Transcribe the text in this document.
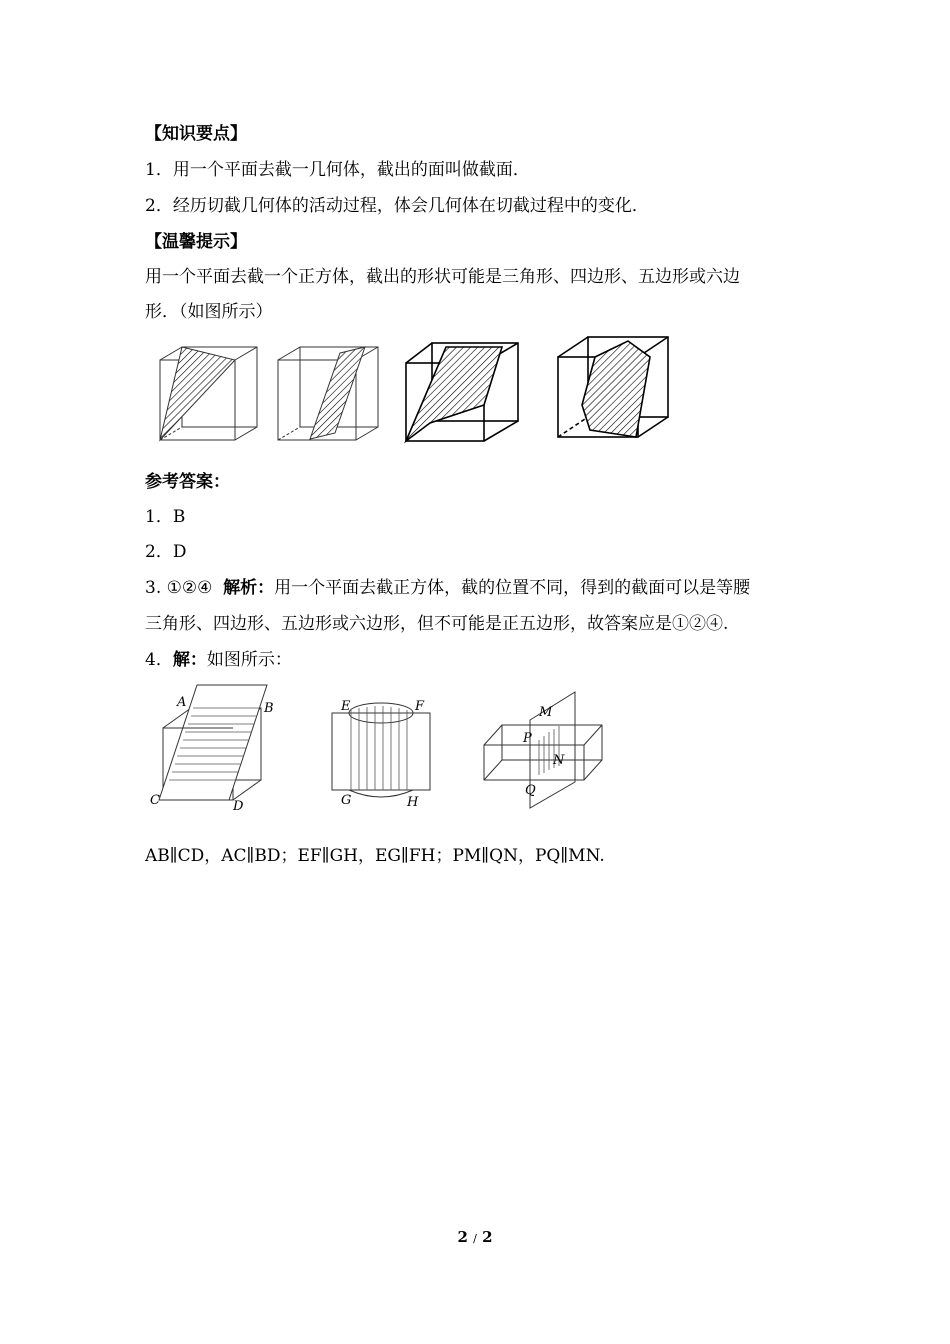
【知识要点】
1．用一个平面去截一几何体，截出的面叫做截面．
2．经历切截几何体的活动过程，体会几何体在切截过程中的变化．
【温馨提示】
用一个平面去截一个正方体，截出的形状可能是三角形、四边形、五边形或六边
形．（如图所示）
参考答案：
1．B
2．D
3. ①②④ 解析：用一个平面去截正方体，截的位置不同，得到的截面可以是等腰
三角形、四边形、五边形或六边形，但不可能是正五边形，故答案应是①②④.
4．解：如图所示：
A	B
C	D
E	F
G	H
M
P
N
Q
AB∥CD，AC∥BD；EF∥GH，EG∥FH；PM∥QN，PQ∥MN.
2 / 2
